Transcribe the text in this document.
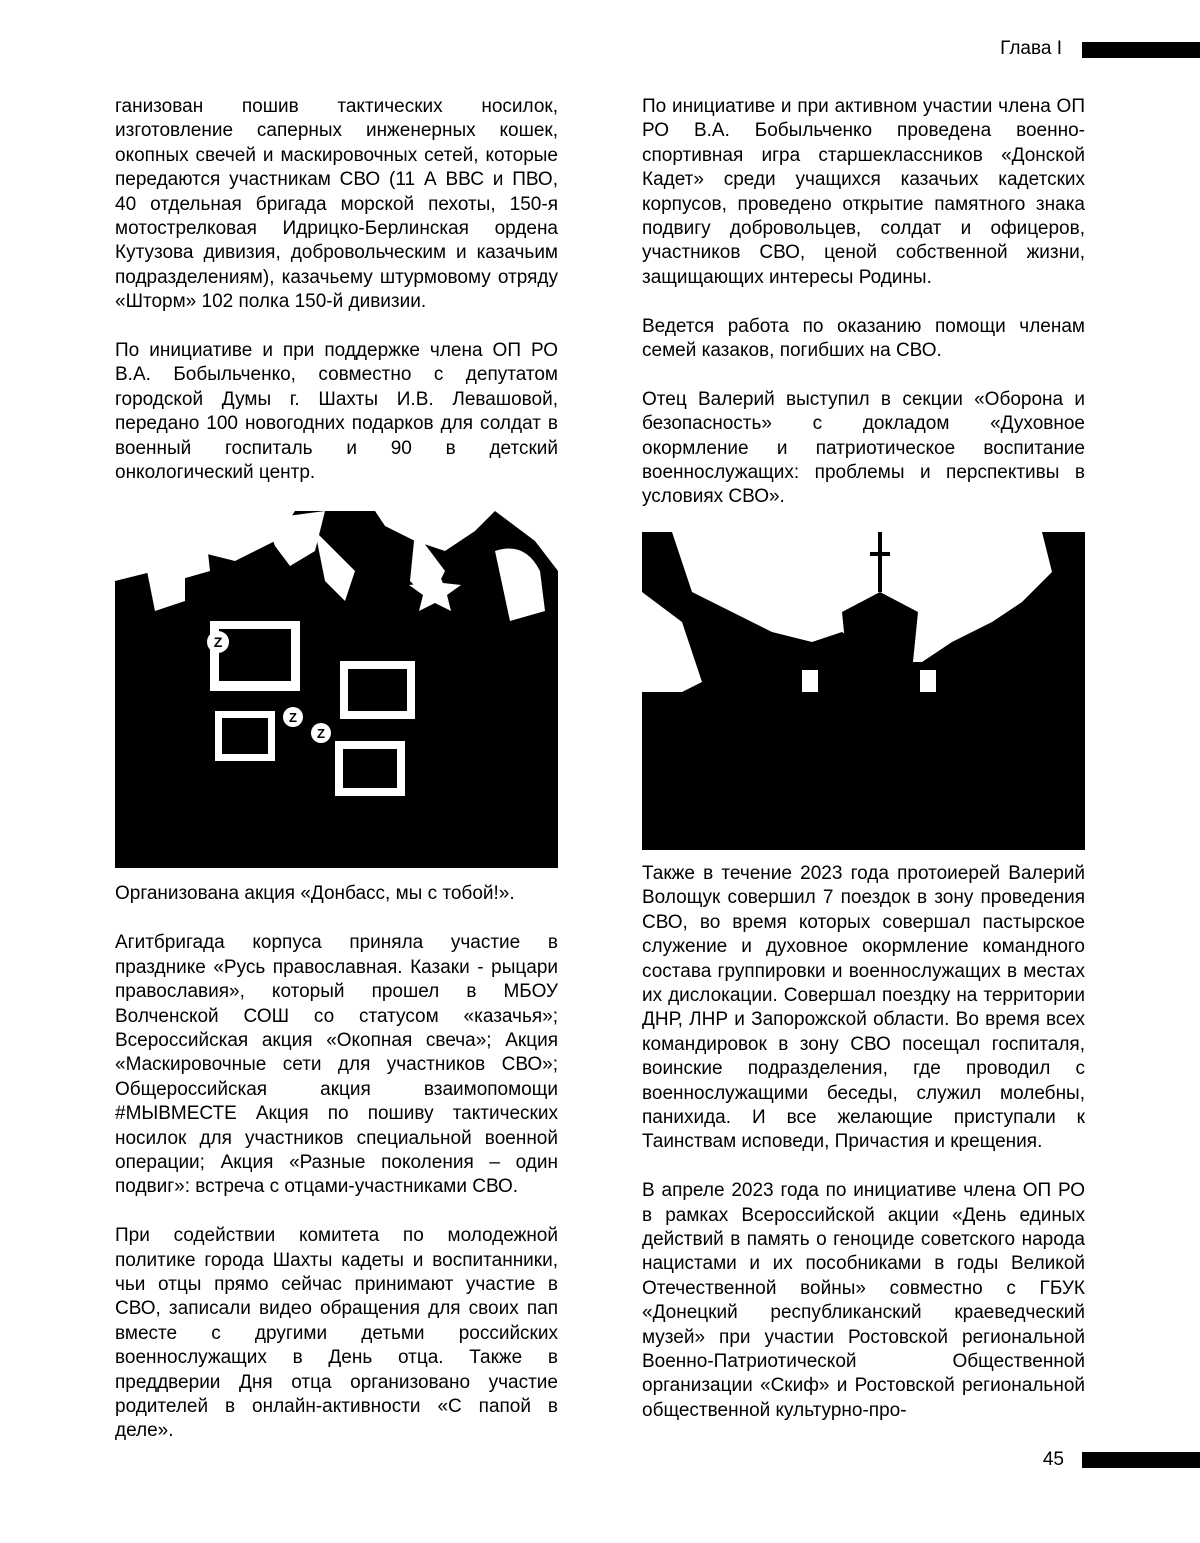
Глава I

ганизован пошив тактических носилок, изготовление саперных инженерных кошек, окопных свечей и маскировочных сетей, которые передаются участникам СВО (11 А ВВС и ПВО, 40 отдельная бригада морской пехоты, 150-я мотострелковая Идрицко-Берлинская ордена Кутузова дивизия, добровольческим и казачьим подразделениям), казачьему штурмовому отряду «Шторм» 102 полка 150-й дивизии.

По инициативе и при поддержке члена ОП РО В.А. Бобыльченко, совместно с депутатом городской Думы г. Шахты И.В. Левашовой, передано 100 новогодних подарков для солдат в военный госпиталь и 90 в детский онкологический центр.

Z
Z
Z

Организована акция «Донбасс, мы с тобой!».

Агитбригада корпуса приняла участие в празднике «Русь православная. Казаки - рыцари православия», который прошел в МБОУ Волченской СОШ со статусом «казачья»; Всероссийская акция «Окопная свеча»; Акция «Маскировочные сети для участников СВО»; Общероссийская акция взаимопомощи #МЫВМЕСТЕ Акция по пошиву тактических носилок для участников специальной военной операции; Акция «Разные поколения – один подвиг»: встреча с отцами-участниками СВО.

При содействии комитета по молодежной политике города Шахты кадеты и воспитанники, чьи отцы прямо сейчас принимают участие в СВО, записали видео обращения для своих пап вместе с другими детьми российских военнослужащих в День отца. Также в преддверии Дня отца организовано участие родителей в онлайн-активности «С папой в деле».

По инициативе и при активном участии члена ОП РО В.А. Бобыльченко проведена военно-спортивная игра старшеклассников «Донской Кадет» среди учащихся казачьих кадетских корпусов, проведено открытие памятного знака подвигу добровольцев, солдат и офицеров, участников СВО, ценой собственной жизни, защищающих интересы Родины.

Ведется работа по оказанию помощи членам семей казаков, погибших на СВО.

Отец Валерий выступил в секции «Оборона и безопасность» с докладом «Духовное окормление и патриотическое воспитание военнослужащих: проблемы и перспективы в условиях СВО».

Также в течение 2023 года протоиерей Валерий Волощук совершил 7 поездок в зону проведения СВО, во время которых совершал пастырское служение и духовное окормление командного состава группировки и военнослужащих в местах их дислокации. Совершал поездку на территории ДНР, ЛНР и Запорожской области. Во время всех командировок в зону СВО посещал госпиталя, воинские подразделения, где проводил с военнослужащими беседы, служил молебны, панихида. И все желающие приступали к Таинствам исповеди, Причастия и крещения.

В апреле 2023 года по инициативе члена ОП РО в рамках Всероссийской акции «День единых действий в память о геноциде советского народа нацистами и их пособниками в годы Великой Отечественной войны» совместно с ГБУК «Донецкий республиканский краеведческий музей» при участии Ростовской региональной Военно-Патриотической Общественной организации «Скиф» и Ростовской региональной общественной культурно-про-

45
